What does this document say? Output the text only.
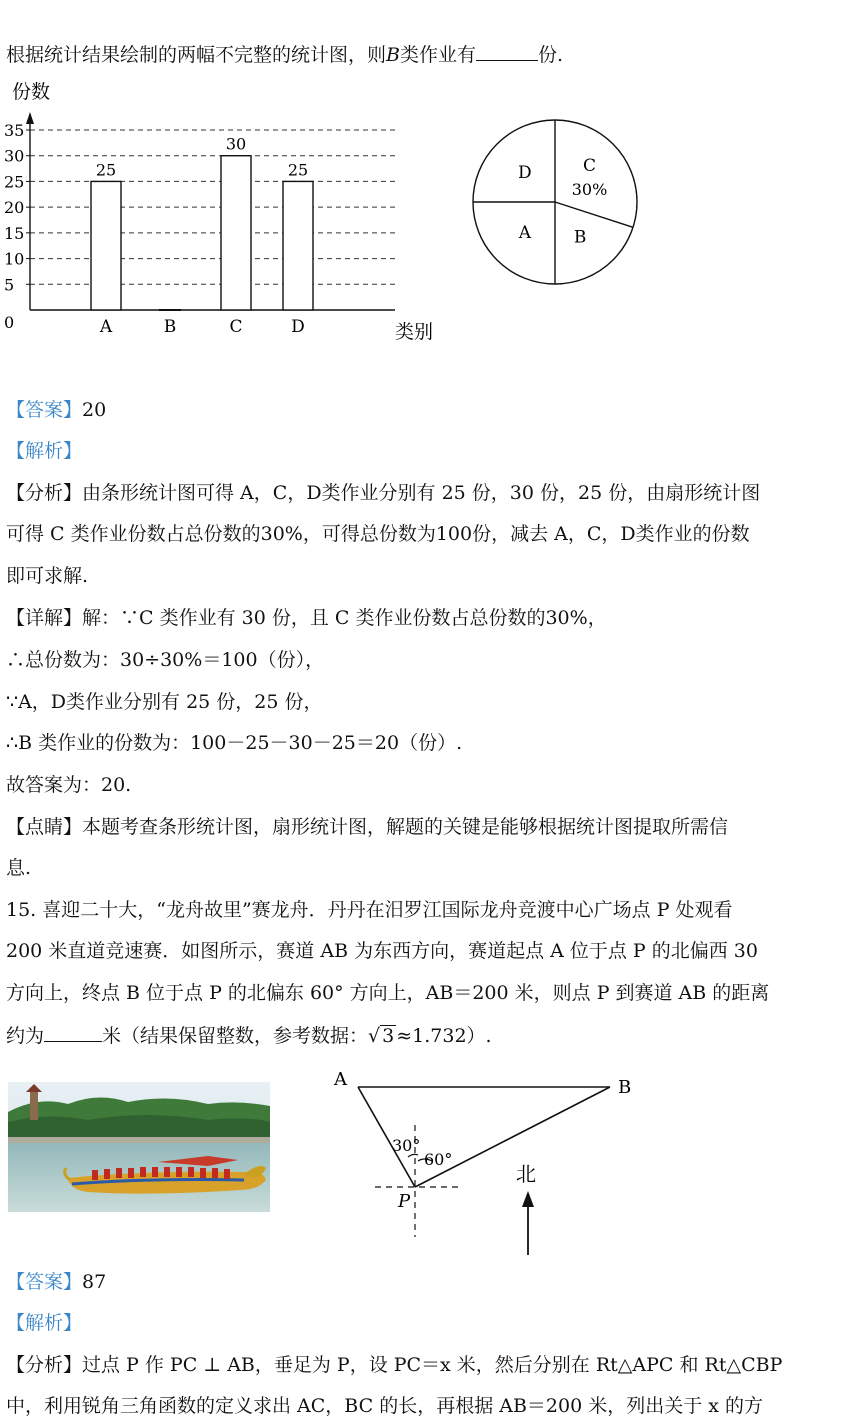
根据统计结果绘制的两幅不完整的统计图，则B类作业有	份.
0
5
10
15
20
25
30
35
25
A	B
30
C
25
D
份数
类别
C
30%
B
A
D
【答案】20
【解析】
【分析】由条形统计图可得 A，C，D类作业分别有 25 份，30 份，25 份，由扇形统计图
可得 C 类作业份数占总份数的30%，可得总份数为100份，减去 A，C，D类作业的份数
即可求解.
【详解】解：∵C 类作业有 30 份，且 C 类作业份数占总份数的30%，
∴总份数为：30÷30%＝100（份），
∵A，D类作业分别有 25 份，25 份，
∴B 类作业的份数为：100－25－30－25＝20（份）.
故答案为：20.
【点睛】本题考查条形统计图，扇形统计图，解题的关键是能够根据统计图提取所需信
息.
15. 喜迎二十大，“龙舟故里”赛龙舟．丹丹在汨罗江国际龙舟竞渡中心广场点 P 处观看
200 米直道竞速赛．如图所示，赛道 AB 为东西方向，赛道起点 A 位于点 P 的北偏西 30
方向上，终点 B 位于点 P 的北偏东 60° 方向上，AB＝200 米，则点 P 到赛道 AB 的距离
约为	米（结果保留整数，参考数据：√ 3 ≈1.732）.
A	B
P
30°
60°
北
【答案】87
【解析】
【分析】过点 P 作 PC ⊥ AB，垂足为 P，设 PC＝x 米，然后分别在 Rt△APC 和 Rt△CBP
中，利用锐角三角函数的定义求出 AC，BC 的长，再根据 AB＝200 米，列出关于 x 的方
